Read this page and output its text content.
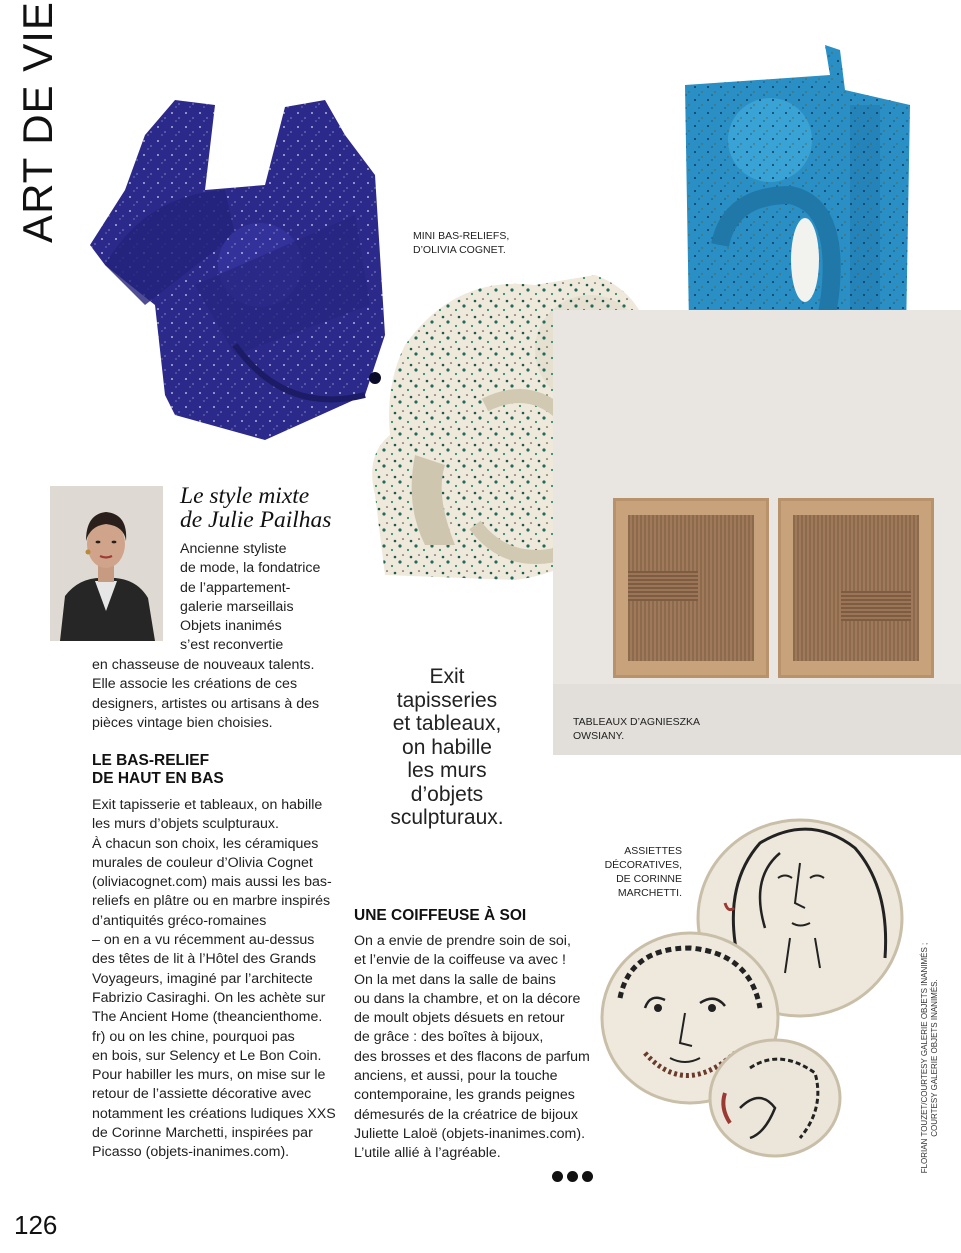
ART DE VIE	MINI BAS-RELIEFS,
D’OLIVIA COGNET.
TABLEAUX D’AGNIESZKA
OWSIANY.
ASSIETTES
DÉCORATIVES,
DE CORINNE
MARCHETTI.
Le style mixte
de Julie Pailhas
Ancienne styliste
de mode, la fondatrice
de l’appartement-
galerie marseillais
Objets inanimés
s’est reconvertie
en chasseuse de nouveaux talents.
Elle associe les créations de ces
designers, artistes ou artisans à des
pièces vintage bien choisies.
LE BAS-RELIEF
DE HAUT EN BAS
Exit tapisserie et tableaux, on habille
les murs d’objets sculpturaux.
À chacun son choix, les céramiques
murales de couleur d’Olivia Cognet
(oliviacognet.com) mais aussi les bas-
reliefs en plâtre ou en marbre inspirés
d’antiquités gréco-romaines
– on en a vu récemment au-dessus
des têtes de lit à l’Hôtel des Grands
Voyageurs, imaginé par l’architecte
Fabrizio Casiraghi. On les achète sur
The Ancient Home (theancienthome.
fr) ou on les chine, pourquoi pas
en bois, sur Selency et Le Bon Coin.
Pour habiller les murs, on mise sur le
retour de l’assiette décorative avec
notamment les créations ludiques XXS
de Corinne Marchetti, inspirées par
Picasso (objets-inanimes.com).
Exit
tapisseries
et tableaux,
on habille
les murs
d’objets
sculpturaux.
UNE COIFFEUSE À SOI
On a envie de prendre soin de soi,
et l’envie de la coiffeuse va avec !
On la met dans la salle de bains
ou dans la chambre, et on la décore
de moult objets désuets en retour
de grâce : des boîtes à bijoux,
des brosses et des flacons de parfum
anciens, et aussi, pour la touche
contemporaine, les grands peignes
démesurés de la créatrice de bijoux
Juliette Laloë (objets-inanimes.com).
L’utile allié à l’agréable.	FLORIAN TOUZET/COURTESY GALERIE OBJETS INANIMÉS ; COURTESY GALERIE OBJETS INANIMÉS.
126
